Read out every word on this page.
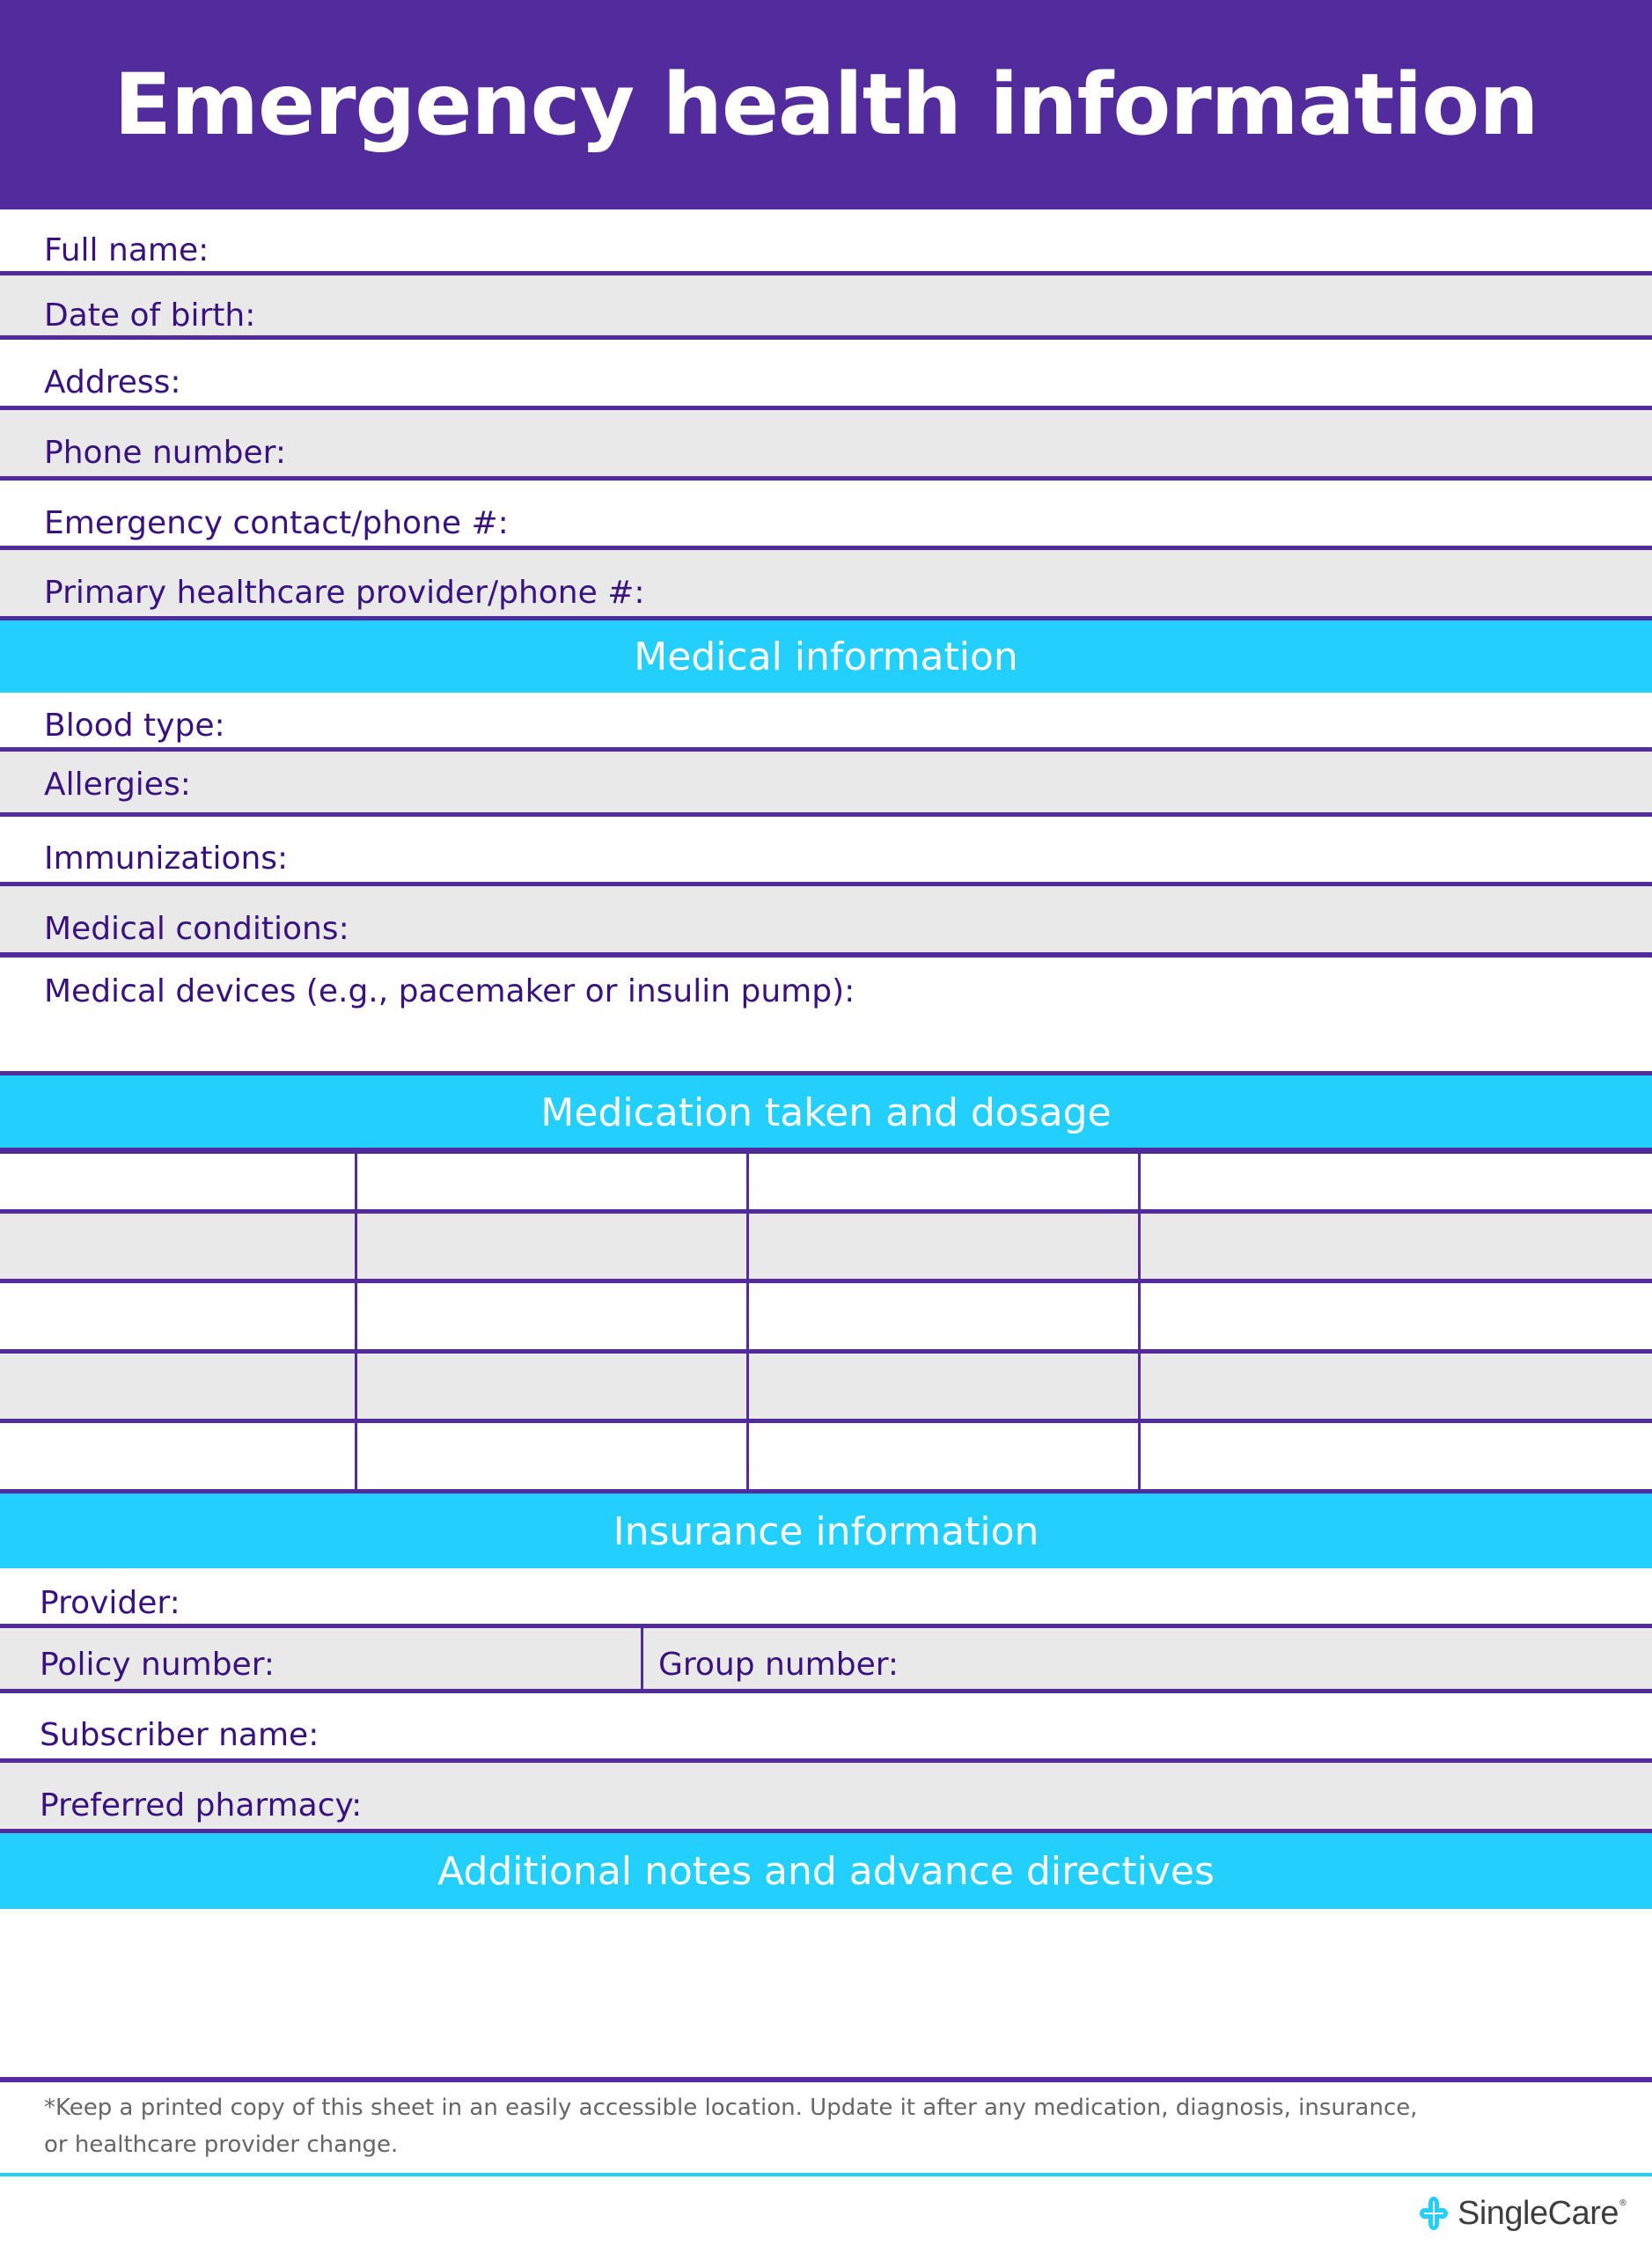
Emergency health information
Full name:
Date of birth:
Address:
Phone number:
Emergency contact/phone #:
Primary healthcare provider/phone #:
Medical information
Blood type:
Allergies:
Immunizations:
Medical conditions:
Medical devices (e.g., pacemaker or insulin pump):
Medication taken and dosage
Insurance information
Provider:
Policy number:	Group number:
Subscriber name:
Preferred pharmacy:
Additional notes and advance directives
*Keep a printed copy of this sheet in an easily accessible location. Update it after any medication, diagnosis, insurance,
or healthcare provider change.
SingleCare ®
